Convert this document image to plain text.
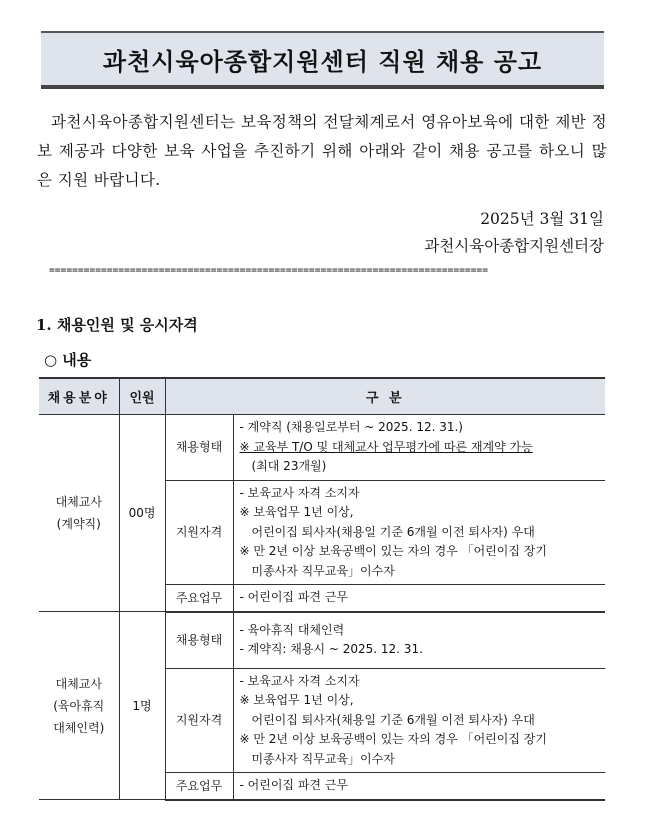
과천시육아종합지원센터 직원 채용 공고
과천시육아종합지원센터는 보육정책의 전달체계로서 영유아보육에 대한 제반 정보 제공과 다양한 보육 사업을 추진하기 위해 아래와 같이 채용 공고를 하오니 많은 지원 바랍니다.
2025년 3월 31일
과천시육아종합지원센터장
============================================================================
1. 채용인원 및 응시자격
○ 내용
채용분야	인원	구 분	

대체교사
(계약직)	00명	채용형태	- 계약직 (채용일로부터 ~ 2025. 12. 31.)
※ 교육부 T/O 및 대체교사 업무평가에 따른 재계약 가능
(최대 23개월)

		지원자격	- 보육교사 자격 소지자
※ 보육업무 1년 이상,
어린이집 퇴사자(채용일 기준 6개월 이전 퇴사자) 우대
※ 만 2년 이상 보육공백이 있는 자의 경우 「어린이집 장기
미종사자 직무교육」이수자

		주요업무	- 어린이집 파견 근무

대체교사
(육아휴직
대체인력)	1명	채용형태	- 육아휴직 대체인력
- 계약직: 채용시 ~ 2025. 12. 31.

		지원자격	- 보육교사 자격 소지자
※ 보육업무 1년 이상,
어린이집 퇴사자(채용일 기준 6개월 이전 퇴사자) 우대
※ 만 2년 이상 보육공백이 있는 자의 경우 「어린이집 장기
미종사자 직무교육」이수자

		주요업무	- 어린이집 파견 근무
